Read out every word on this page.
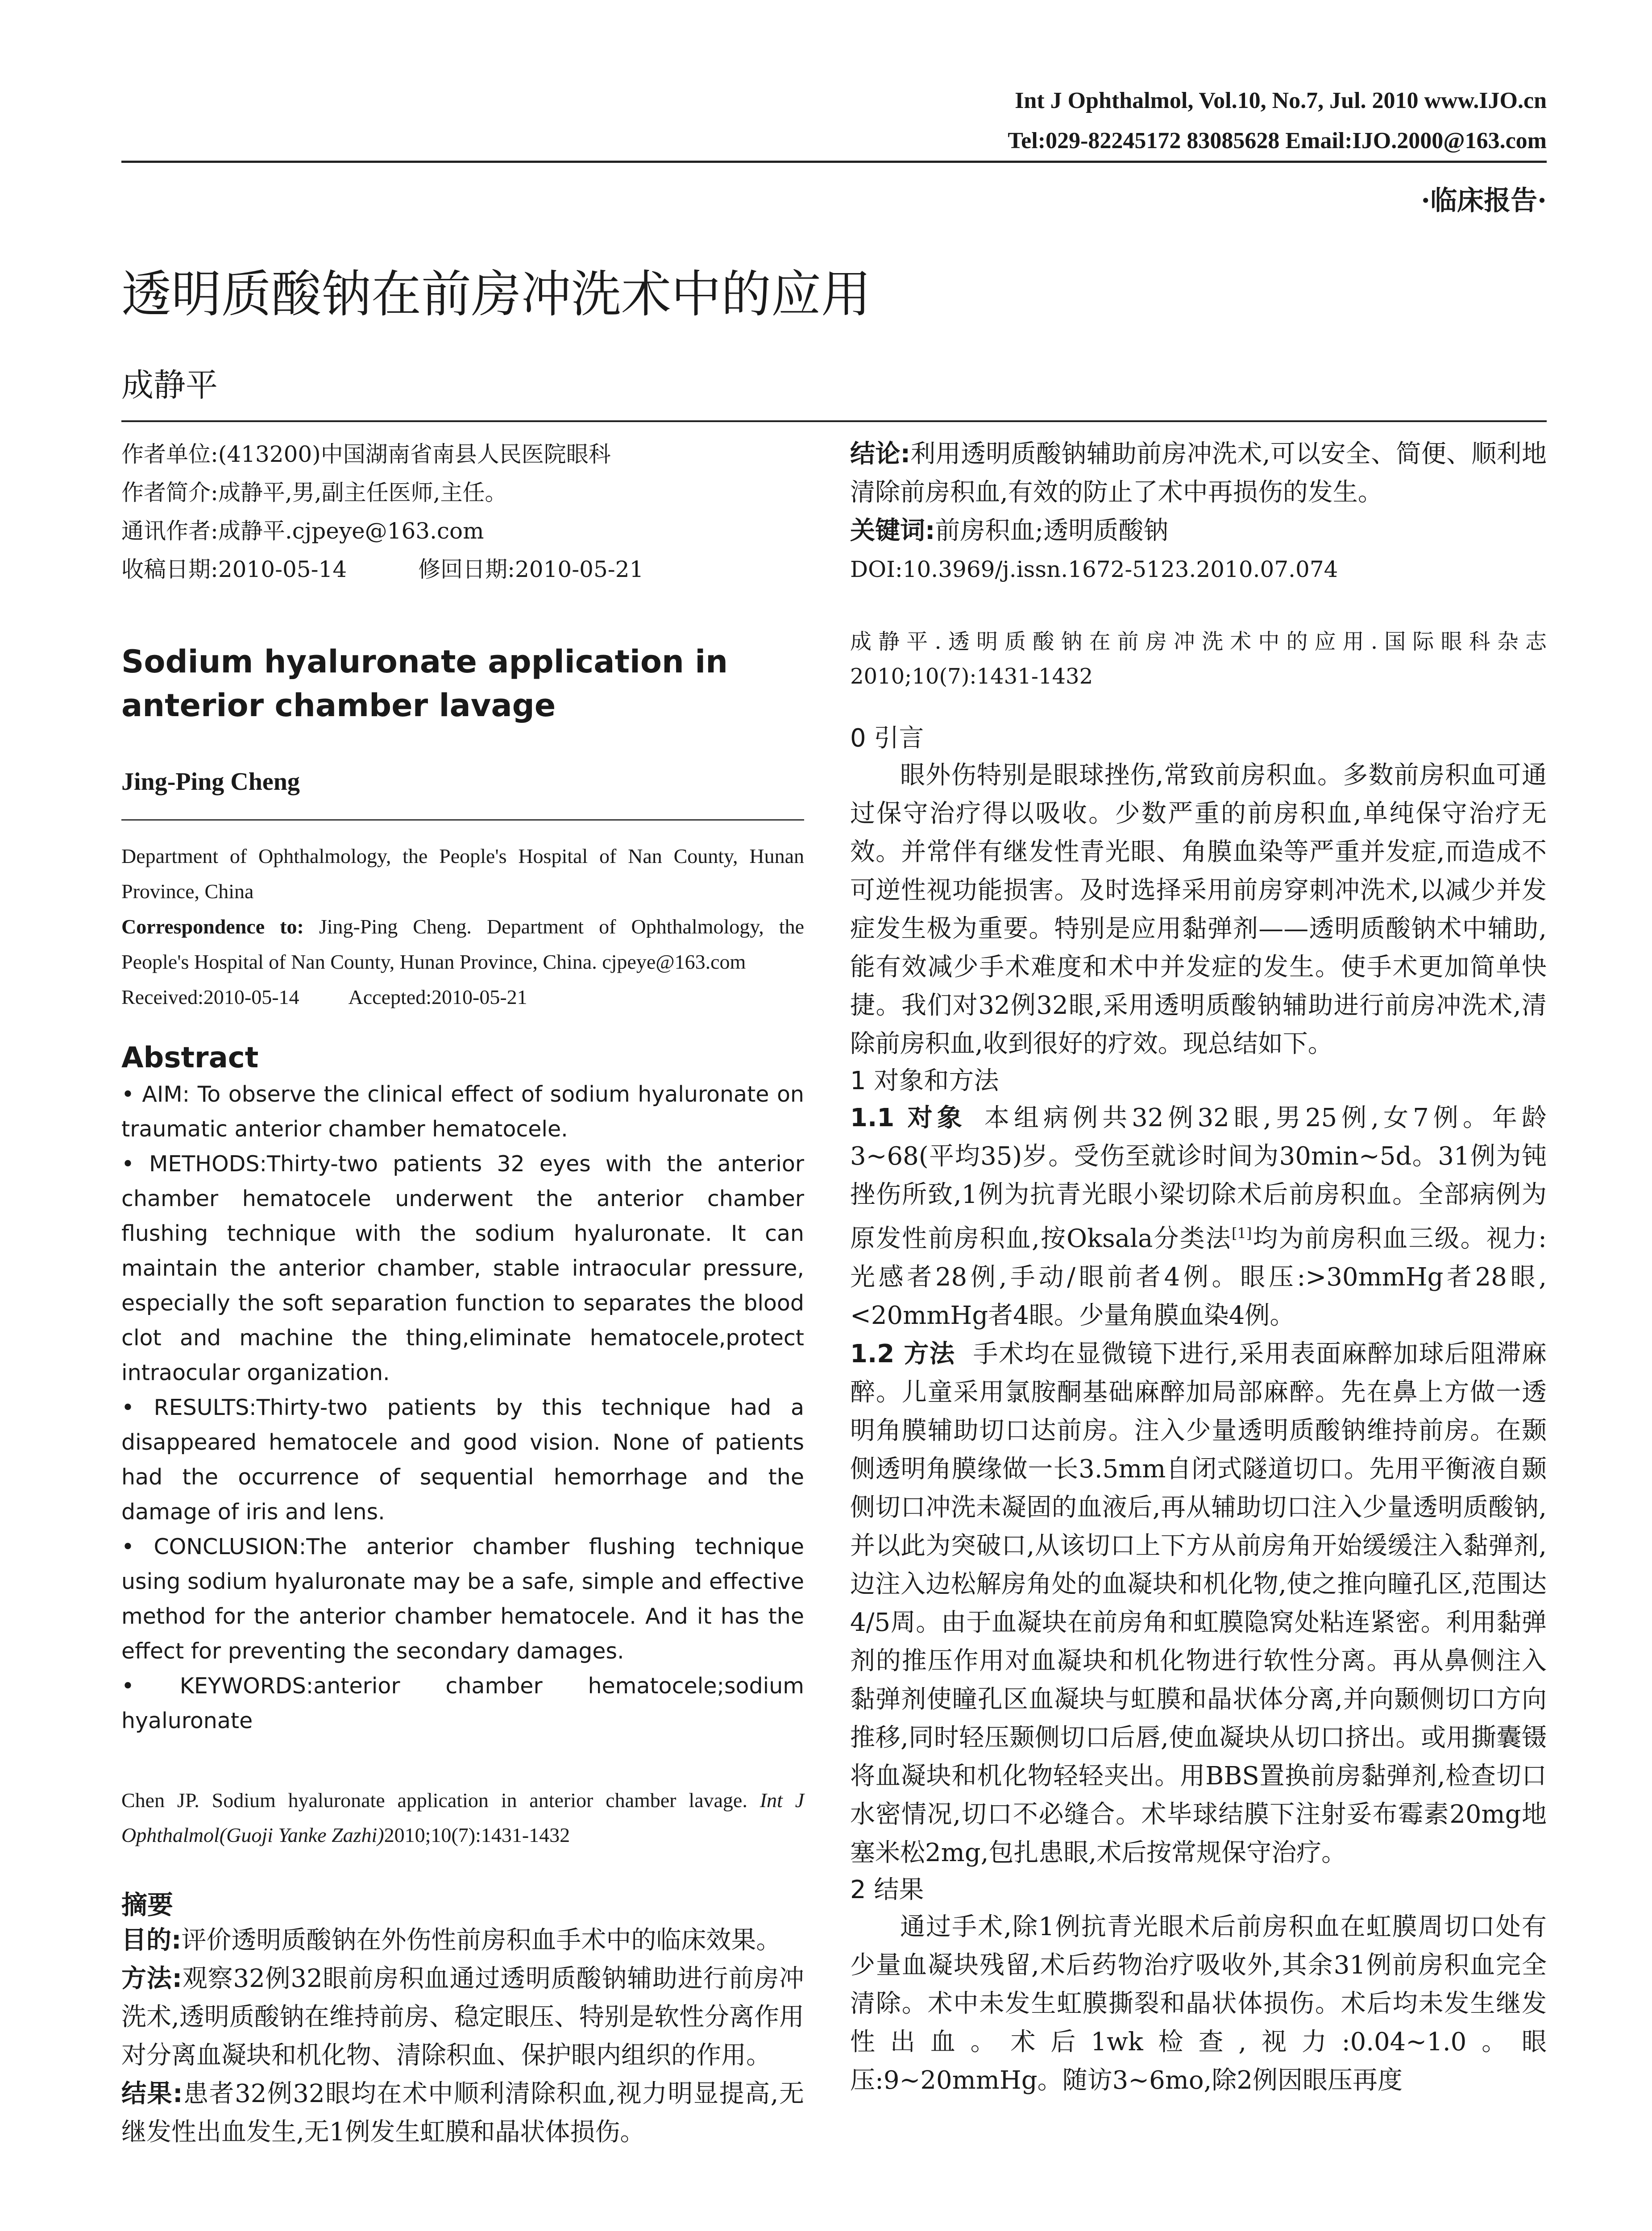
Int J Ophthalmol, Vol.10, No.7, Jul. 2010 www.IJO.cn
Tel:029-82245172 83085628 Email:IJO.2000@163.com
·临床报告·
透明质酸钠在前房冲洗术中的应用
成静平
作者单位:(413200)中国湖南省南县人民医院眼科
作者简介:成静平,男,副主任医师,主任。
通讯作者:成静平.cjpeye@163.com
收稿日期:2010-05-14	修回日期:2010-05-21
Sodium hyaluronate application in anterior chamber lavage
Jing-Ping Cheng
Department of Ophthalmology, the People's Hospital of Nan County, Hunan Province, China
Correspondence to: Jing-Ping Cheng. Department of Ophthalmology, the People's Hospital of Nan County, Hunan Province, China. cjpeye@163.com
Received:2010-05-14 Accepted:2010-05-21
Abstract

• AIM: To observe the clinical effect of sodium hyaluronate on traumatic anterior chamber hematocele.

• METHODS:Thirty-two patients 32 eyes with the anterior chamber hematocele underwent the anterior chamber flushing technique with the sodium hyaluronate. It can maintain the anterior chamber, stable intraocular pressure, especially the soft separation function to separates the blood clot and machine the thing,eliminate hematocele,protect intraocular organization.

• RESULTS:Thirty-two patients by this technique had a disappeared hematocele and good vision. None of patients had the occurrence of sequential hemorrhage and the damage of iris and lens.

• CONCLUSION:The anterior chamber flushing technique using sodium hyaluronate may be a safe, simple and effective method for the anterior chamber hematocele. And it has the effect for preventing the secondary damages.

• KEYWORDS:anterior chamber hematocele;sodium hyaluronate

Chen JP. Sodium hyaluronate application in anterior chamber lavage. Int J Ophthalmol(Guoji Yanke Zazhi)2010;10(7):1431-1432
摘要

目的:评价透明质酸钠在外伤性前房积血手术中的临床效果。

方法:观察32例32眼前房积血通过透明质酸钠辅助进行前房冲洗术,透明质酸钠在维持前房、稳定眼压、特别是软性分离作用对分离血凝块和机化物、清除积血、保护眼内组织的作用。

结果:患者32例32眼均在术中顺利清除积血,视力明显提高,无继发性出血发生,无1例发生虹膜和晶状体损伤。

结论:利用透明质酸钠辅助前房冲洗术,可以安全、简便、顺利地清除前房积血,有效的防止了术中再损伤的发生。

关键词:前房积血;透明质酸钠

DOI:10.3969/j.issn.1672-5123.2010.07.074

成静平.透明质酸钠在前房冲洗术中的应用.国际眼科杂志 2010;10(7):1431-1432
0 引言

眼外伤特别是眼球挫伤,常致前房积血。多数前房积血可通过保守治疗得以吸收。少数严重的前房积血,单纯保守治疗无效。并常伴有继发性青光眼、角膜血染等严重并发症,而造成不可逆性视功能损害。及时选择采用前房穿刺冲洗术,以减少并发症发生极为重要。特别是应用黏弹剂——透明质酸钠术中辅助,能有效减少手术难度和术中并发症的发生。使手术更加简单快捷。我们对32例32眼,采用透明质酸钠辅助进行前房冲洗术,清除前房积血,收到很好的疗效。现总结如下。

1 对象和方法

1.1 对象 本组病例共32例32眼,男25例,女7例。年龄3~68(平均35)岁。受伤至就诊时间为30min~5d。31例为钝挫伤所致,1例为抗青光眼小梁切除术后前房积血。全部病例为原发性前房积血,按Oksala分类法[1]均为前房积血三级。视力:光感者28例,手动/眼前者4例。眼压:>30mmHg者28眼,<20mmHg者4眼。少量角膜血染4例。

1.2 方法 手术均在显微镜下进行,采用表面麻醉加球后阻滞麻醉。儿童采用氯胺酮基础麻醉加局部麻醉。先在鼻上方做一透明角膜辅助切口达前房。注入少量透明质酸钠维持前房。在颞侧透明角膜缘做一长3.5mm自闭式隧道切口。先用平衡液自颞侧切口冲洗未凝固的血液后,再从辅助切口注入少量透明质酸钠,并以此为突破口,从该切口上下方从前房角开始缓缓注入黏弹剂,边注入边松解房角处的血凝块和机化物,使之推向瞳孔区,范围达4/5周。由于血凝块在前房角和虹膜隐窝处粘连紧密。利用黏弹剂的推压作用对血凝块和机化物进行软性分离。再从鼻侧注入黏弹剂使瞳孔区血凝块与虹膜和晶状体分离,并向颞侧切口方向推移,同时轻压颞侧切口后唇,使血凝块从切口挤出。或用撕囊镊将血凝块和机化物轻轻夹出。用BBS置换前房黏弹剂,检查切口水密情况,切口不必缝合。术毕球结膜下注射妥布霉素20mg地塞米松2mg,包扎患眼,术后按常规保守治疗。

2 结果

通过手术,除1例抗青光眼术后前房积血在虹膜周切口处有少量血凝块残留,术后药物治疗吸收外,其余31例前房积血完全清除。术中未发生虹膜撕裂和晶状体损伤。术后均未发生继发性出血。术后1wk检查,视力:0.04~1.0。眼压:9~20mmHg。随访3~6mo,除2例因眼压再度
